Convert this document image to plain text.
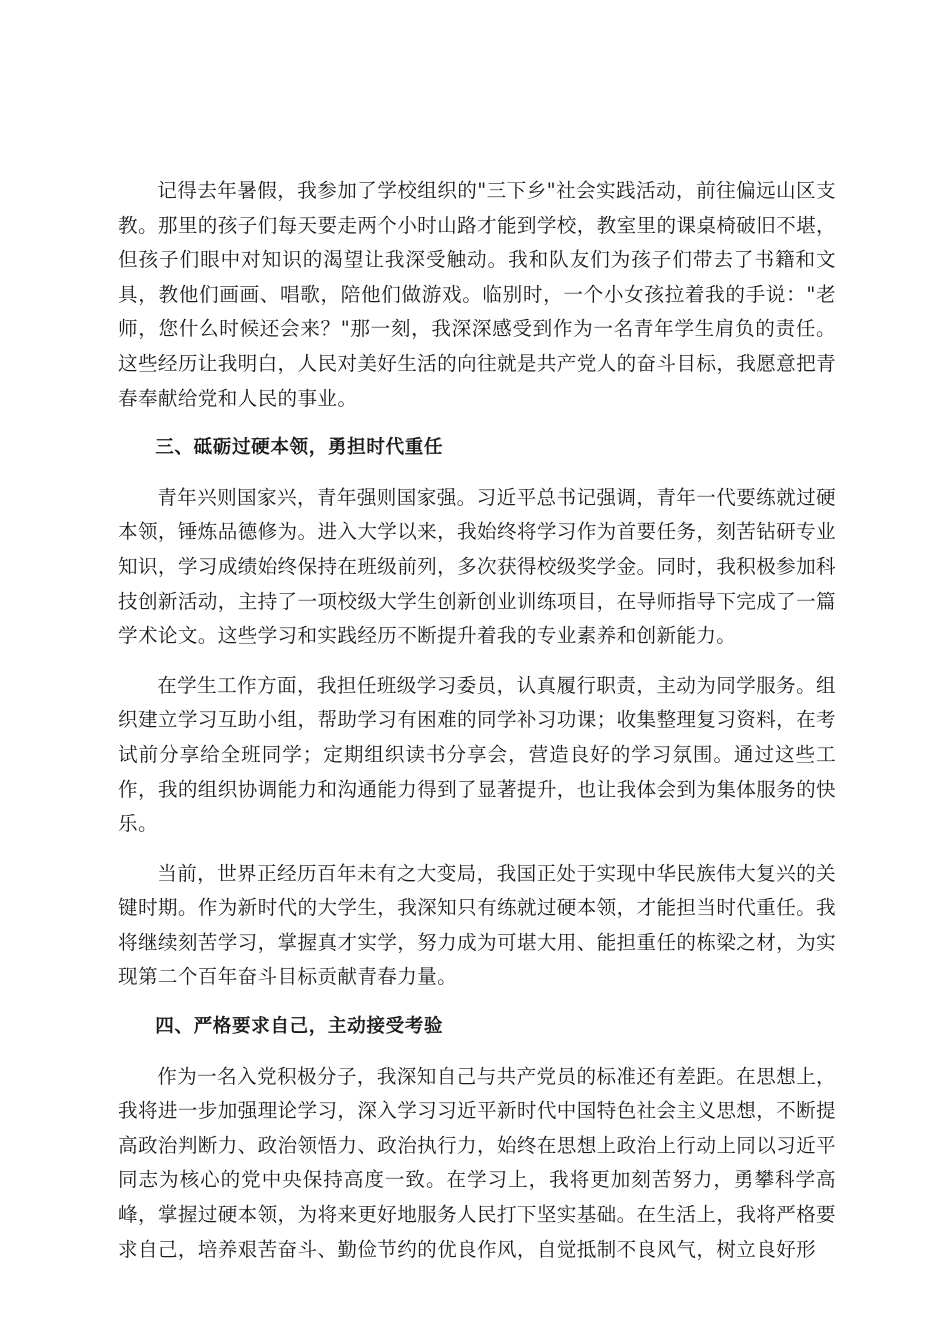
记得去年暑假，我参加了学校组织的"三下乡"社会实践活动，前往偏远山区支教。那里的孩子们每天要走两个小时山路才能到学校，教室里的课桌椅破旧不堪，但孩子们眼中对知识的渴望让我深受触动。我和队友们为孩子们带去了书籍和文具，教他们画画、唱歌，陪他们做游戏。临别时，一个小女孩拉着我的手说："老师，您什么时候还会来？"那一刻，我深深感受到作为一名青年学生肩负的责任。这些经历让我明白，人民对美好生活的向往就是共产党人的奋斗目标，我愿意把青春奉献给党和人民的事业。

三、砥砺过硬本领，勇担时代重任

青年兴则国家兴，青年强则国家强。习近平总书记强调，青年一代要练就过硬本领，锤炼品德修为。进入大学以来，我始终将学习作为首要任务，刻苦钻研专业知识，学习成绩始终保持在班级前列，多次获得校级奖学金。同时，我积极参加科技创新活动，主持了一项校级大学生创新创业训练项目，在导师指导下完成了一篇学术论文。这些学习和实践经历不断提升着我的专业素养和创新能力。

在学生工作方面，我担任班级学习委员，认真履行职责，主动为同学服务。组织建立学习互助小组，帮助学习有困难的同学补习功课；收集整理复习资料，在考试前分享给全班同学；定期组织读书分享会，营造良好的学习氛围。通过这些工作，我的组织协调能力和沟通能力得到了显著提升，也让我体会到为集体服务的快乐。

当前，世界正经历百年未有之大变局，我国正处于实现中华民族伟大复兴的关键时期。作为新时代的大学生，我深知只有练就过硬本领，才能担当时代重任。我将继续刻苦学习，掌握真才实学，努力成为可堪大用、能担重任的栋梁之材，为实现第二个百年奋斗目标贡献青春力量。

四、严格要求自己，主动接受考验

作为一名入党积极分子，我深知自己与共产党员的标准还有差距。在思想上，我将进一步加强理论学习，深入学习习近平新时代中国特色社会主义思想，不断提高政治判断力、政治领悟力、政治执行力，始终在思想上政治上行动上同以习近平同志为核心的党中央保持高度一致。在学习上，我将更加刻苦努力，勇攀科学高峰，掌握过硬本领，为将来更好地服务人民打下坚实基础。在生活上，我将严格要求自己，培养艰苦奋斗、勤俭节约的优良作风，自觉抵制不良风气，树立良好形
